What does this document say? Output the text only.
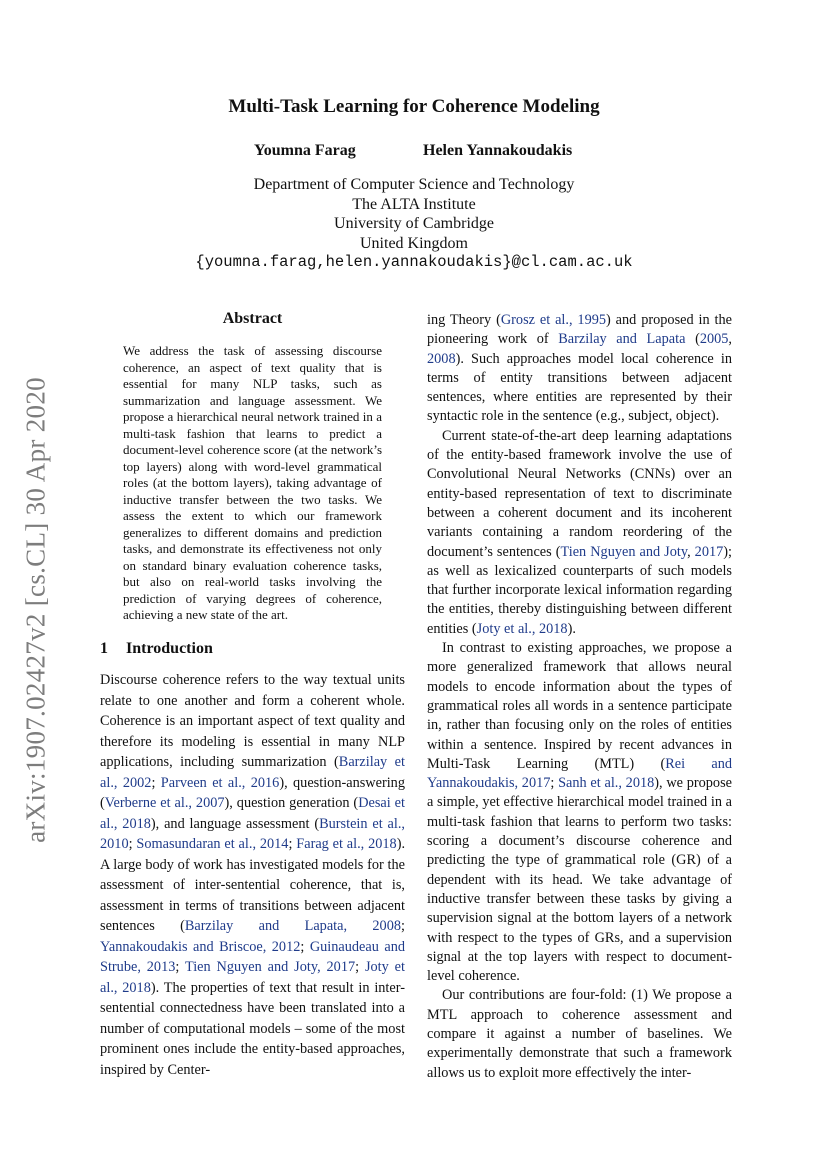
arXiv:1907.02427v2 [cs.CL] 30 Apr 2020
Multi-Task Learning for Coherence Modeling
Youmna Farag	Helen Yannakoudakis
Department of Computer Science and Technology
The ALTA Institute
University of Cambridge
United Kingdom
{youmna.farag,helen.yannakoudakis}@cl.cam.ac.uk
Abstract
We address the task of assessing discourse coherence, an aspect of text quality that is essential for many NLP tasks, such as summarization and language assessment. We propose a hierarchical neural network trained in a multi-task fashion that learns to predict a document-level coherence score (at the network’s top layers) along with word-level grammatical roles (at the bottom layers), taking advantage of inductive transfer between the two tasks. We assess the extent to which our framework generalizes to different domains and prediction tasks, and demonstrate its effectiveness not only on standard binary evaluation coherence tasks, but also on real-world tasks involving the prediction of varying degrees of coherence, achieving a new state of the art.
1 Introduction

Discourse coherence refers to the way textual units relate to one another and form a coherent whole. Coherence is an important aspect of text quality and therefore its modeling is essential in many NLP applications, including summarization (Barzilay et al., 2002; Parveen et al., 2016), question-answering (Verberne et al., 2007), question generation (Desai et al., 2018), and language assessment (Burstein et al., 2010; Somasundaran et al., 2014; Farag et al., 2018). A large body of work has investigated models for the assessment of inter-sentential coherence, that is, assessment in terms of transitions between adjacent sentences (Barzilay and Lapata, 2008; Yannakoudakis and Briscoe, 2012; Guinaudeau and Strube, 2013; Tien Nguyen and Joty, 2017; Joty et al., 2018). The properties of text that result in inter-sentential connectedness have been translated into a number of computational models – some of the most prominent ones include the entity-based approaches, inspired by Center-

ing Theory (Grosz et al., 1995) and proposed in the pioneering work of Barzilay and Lapata (2005, 2008). Such approaches model local coherence in terms of entity transitions between adjacent sentences, where entities are represented by their syntactic role in the sentence (e.g., subject, object).

Current state-of-the-art deep learning adaptations of the entity-based framework involve the use of Convolutional Neural Networks (CNNs) over an entity-based representation of text to discriminate between a coherent document and its incoherent variants containing a random reordering of the document’s sentences (Tien Nguyen and Joty, 2017); as well as lexicalized counterparts of such models that further incorporate lexical information regarding the entities, thereby distinguishing between different entities (Joty et al., 2018).

In contrast to existing approaches, we propose a more generalized framework that allows neural models to encode information about the types of grammatical roles all words in a sentence participate in, rather than focusing only on the roles of entities within a sentence. Inspired by recent advances in Multi-Task Learning (MTL) (Rei and Yannakoudakis, 2017; Sanh et al., 2018), we propose a simple, yet effective hierarchical model trained in a multi-task fashion that learns to perform two tasks: scoring a document’s discourse coherence and predicting the type of grammatical role (GR) of a dependent with its head. We take advantage of inductive transfer between these tasks by giving a supervision signal at the bottom layers of a network with respect to the types of GRs, and a supervision signal at the top layers with respect to document-level coherence.

Our contributions are four-fold: (1) We propose a MTL approach to coherence assessment and compare it against a number of baselines. We experimentally demonstrate that such a framework allows us to exploit more effectively the inter-
